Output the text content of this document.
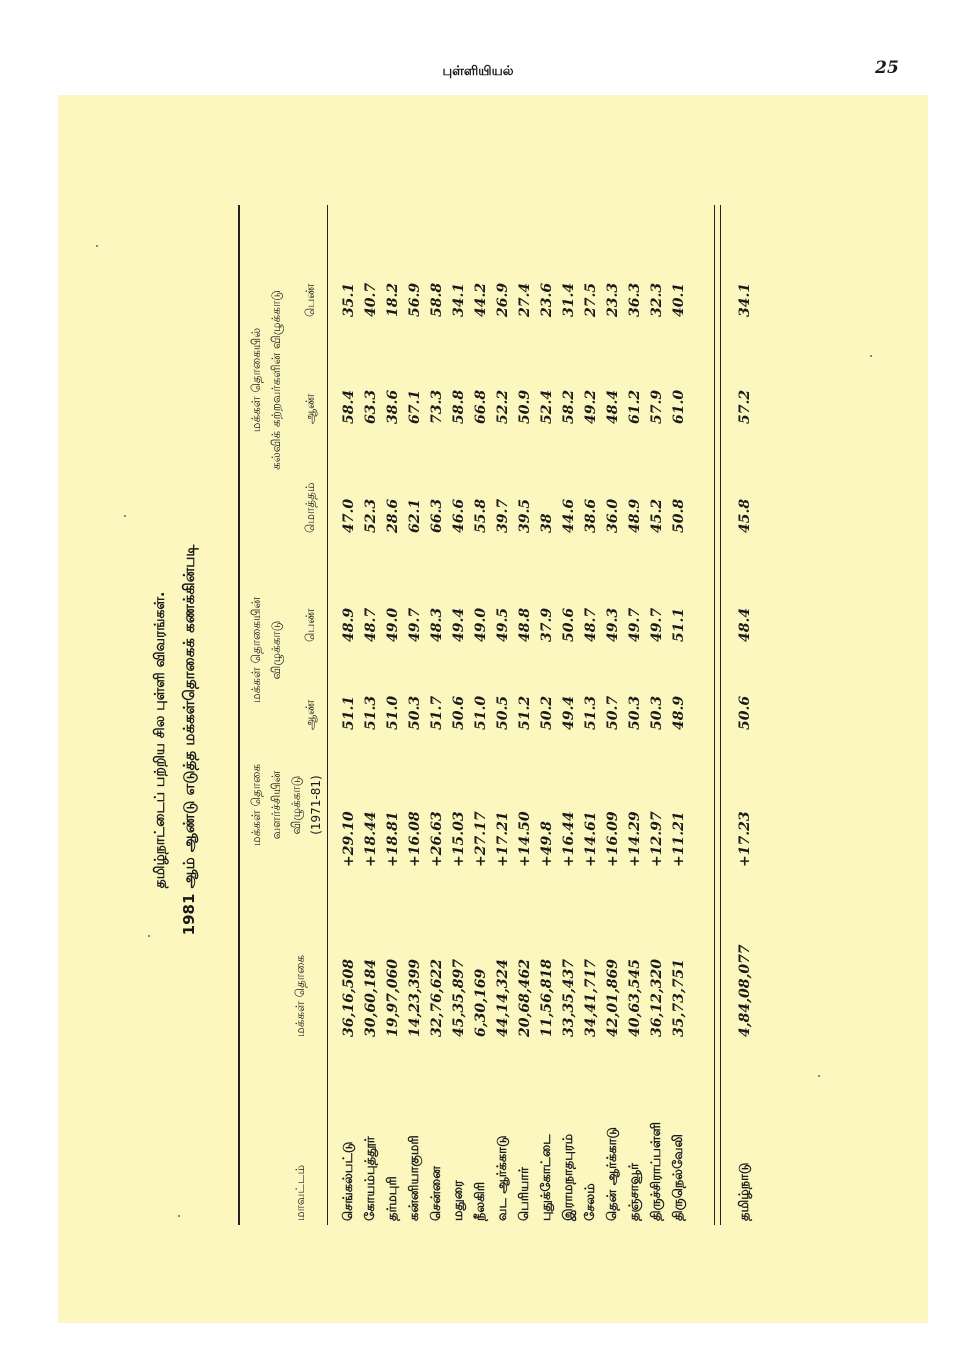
புள்ளியியல்	25
தமிழ்நாட்டைப் பற்றிய சில புள்ளி விவரங்கள். 1981 ஆம் ஆண்டு எடுத்த மக்கள்தொகைக் கணக்கின்படி
மாவட்டம்
மக்கள் தொகை
மக்கள் தொகை வளர்ச்சியின் விழுக்காடு (1971-81)
மக்கள் தொகையின் விழுக்காடு
ஆண்
பெண்
மக்கள் தொகையில் கல்விக் கற்றவர்களின் விழுக்காடு
மொத்தம்
ஆண்
பெண்
செங்கல்பட்டு
36,16,508
+29.10
51.1
48.9
47.0
58.4
35.1
கோயம்புத்தூர்
30,60,184
+18.44
51.3
48.7
52.3
63.3
40.7
தர்மபுரி
19,97,060
+18.81
51.0
49.0
28.6
38.6
18.2
கன்னியாகுமரி
14,23,399
+16.08
50.3
49.7
62.1
67.1
56.9
சென்னை
32,76,622
+26.63
51.7
48.3
66.3
73.3
58.8
மதுரை
45,35,897
+15.03
50.6
49.4
46.6
58.8
34.1
நீலகிரி
6,30,169
+27.17
51.0
49.0
55.8
66.8
44.2
வட ஆர்க்காடு
44,14,324
+17.21
50.5
49.5
39.7
52.2
26.9
பெரியார்
20,68,462
+14.50
51.2
48.8
39.5
50.9
27.4
புதுக்கோட்டை
11,56,818
+49.8
50.2
37.9
38
52.4
23.6
இராமநாதபுரம்
33,35,437
+16.44
49.4
50.6
44.6
58.2
31.4
சேலம்
34,41,717
+14.61
51.3
48.7
38.6
49.2
27.5
தென் ஆர்க்காடு
42,01,869
+16.09
50.7
49.3
36.0
48.4
23.3
தஞ்சாவூர்
40,63,545
+14.29
50.3
49.7
48.9
61.2
36.3
திருச்சிராப்பள்ளி
36,12,320
+12.97
50.3
49.7
45.2
57.9
32.3
திருநெல்வேலி
35,73,751
+11.21
48.9
51.1
50.8
61.0
40.1
தமிழ்நாடு
4,84,08,077
+17.23
50.6
48.4
45.8
57.2
34.1
